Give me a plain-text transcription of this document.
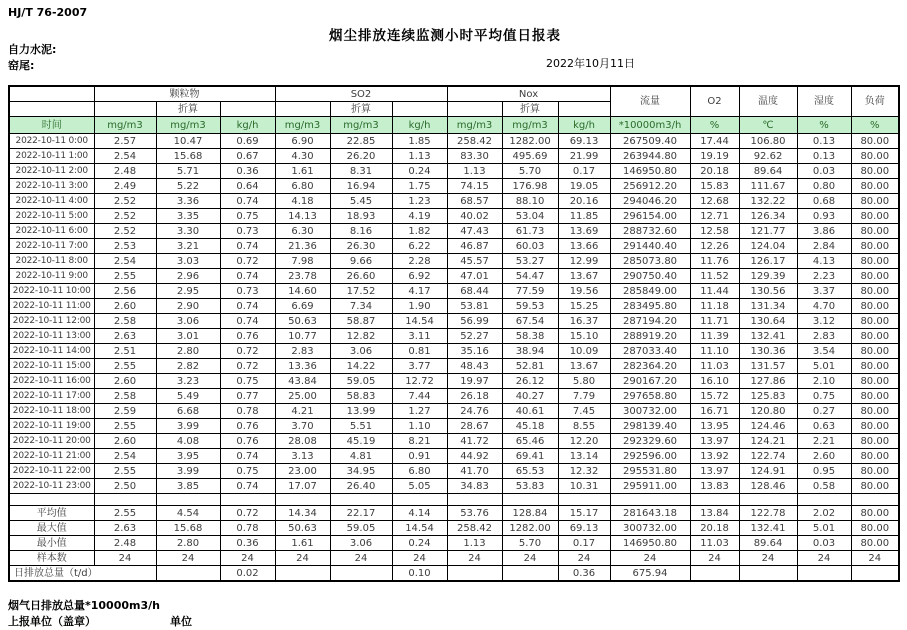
HJ/T 76-2007
烟尘排放连续监测小时平均值日报表
自力水泥:
窑尾:	2022年10月11日
	颗粒物			SO2			Nox			流量	O2	温度	湿度	负荷
		折算			折算			折算						
时间	mg/m3	mg/m3	kg/h	mg/m3	mg/m3	kg/h	mg/m3	mg/m3	kg/h	*10000m3/h	%	℃	%	%
2022-10-11 0:00	2.57	10.47	0.69	6.90	22.85	1.85	258.42	1282.00	69.13	267509.40	17.44	106.80	0.13	80.00
2022-10-11 1:00	2.54	15.68	0.67	4.30	26.20	1.13	83.30	495.69	21.99	263944.80	19.19	92.62	0.13	80.00
2022-10-11 2:00	2.48	5.71	0.36	1.61	8.31	0.24	1.13	5.70	0.17	146950.80	20.18	89.64	0.03	80.00
2022-10-11 3:00	2.49	5.22	0.64	6.80	16.94	1.75	74.15	176.98	19.05	256912.20	15.83	111.67	0.80	80.00
2022-10-11 4:00	2.52	3.36	0.74	4.18	5.45	1.23	68.57	88.10	20.16	294046.20	12.68	132.22	0.68	80.00
2022-10-11 5:00	2.52	3.35	0.75	14.13	18.93	4.19	40.02	53.04	11.85	296154.00	12.71	126.34	0.93	80.00
2022-10-11 6:00	2.52	3.30	0.73	6.30	8.16	1.82	47.43	61.73	13.69	288732.60	12.58	121.77	3.86	80.00
2022-10-11 7:00	2.53	3.21	0.74	21.36	26.30	6.22	46.87	60.03	13.66	291440.40	12.26	124.04	2.84	80.00
2022-10-11 8:00	2.54	3.03	0.72	7.98	9.66	2.28	45.57	53.27	12.99	285073.80	11.76	126.17	4.13	80.00
2022-10-11 9:00	2.55	2.96	0.74	23.78	26.60	6.92	47.01	54.47	13.67	290750.40	11.52	129.39	2.23	80.00
2022-10-11 10:00	2.56	2.95	0.73	14.60	17.52	4.17	68.44	77.59	19.56	285849.00	11.44	130.56	3.37	80.00
2022-10-11 11:00	2.60	2.90	0.74	6.69	7.34	1.90	53.81	59.53	15.25	283495.80	11.18	131.34	4.70	80.00
2022-10-11 12:00	2.58	3.06	0.74	50.63	58.87	14.54	56.99	67.54	16.37	287194.20	11.71	130.64	3.12	80.00
2022-10-11 13:00	2.63	3.01	0.76	10.77	12.82	3.11	52.27	58.38	15.10	288919.20	11.39	132.41	2.83	80.00
2022-10-11 14:00	2.51	2.80	0.72	2.83	3.06	0.81	35.16	38.94	10.09	287033.40	11.10	130.36	3.54	80.00
2022-10-11 15:00	2.55	2.82	0.72	13.36	14.22	3.77	48.43	52.81	13.67	282364.20	11.03	131.57	5.01	80.00
2022-10-11 16:00	2.60	3.23	0.75	43.84	59.05	12.72	19.97	26.12	5.80	290167.20	16.10	127.86	2.10	80.00
2022-10-11 17:00	2.58	5.49	0.77	25.00	58.83	7.44	26.18	40.27	7.79	297658.80	15.72	125.83	0.75	80.00
2022-10-11 18:00	2.59	6.68	0.78	4.21	13.99	1.27	24.76	40.61	7.45	300732.00	16.71	120.80	0.27	80.00
2022-10-11 19:00	2.55	3.99	0.76	3.70	5.51	1.10	28.67	45.18	8.55	298139.40	13.95	124.46	0.63	80.00
2022-10-11 20:00	2.60	4.08	0.76	28.08	45.19	8.21	41.72	65.46	12.20	292329.60	13.97	124.21	2.21	80.00
2022-10-11 21:00	2.54	3.95	0.74	3.13	4.81	0.91	44.92	69.41	13.14	292596.00	13.92	122.74	2.60	80.00
2022-10-11 22:00	2.55	3.99	0.75	23.00	34.95	6.80	41.70	65.53	12.32	295531.80	13.97	124.91	0.95	80.00
2022-10-11 23:00	2.50	3.85	0.74	17.07	26.40	5.05	34.83	53.83	10.31	295911.00	13.83	128.46	0.58	80.00

平均值	2.55	4.54	0.72	14.34	22.17	4.14	53.76	128.84	15.17	281643.18	13.84	122.78	2.02	80.00
最大值	2.63	15.68	0.78	50.63	59.05	14.54	258.42	1282.00	69.13	300732.00	20.18	132.41	5.01	80.00
最小值	2.48	2.80	0.36	1.61	3.06	0.24	1.13	5.70	0.17	146950.80	11.03	89.64	0.03	80.00
样本数	24	24	24	24	24	24	24	24	24	24	24	24	24	24
日排放总量（t/d）			0.02			0.10			0.36	675.94				
烟气日排放总量*10000m3/h
上报单位（盖章）	单位
